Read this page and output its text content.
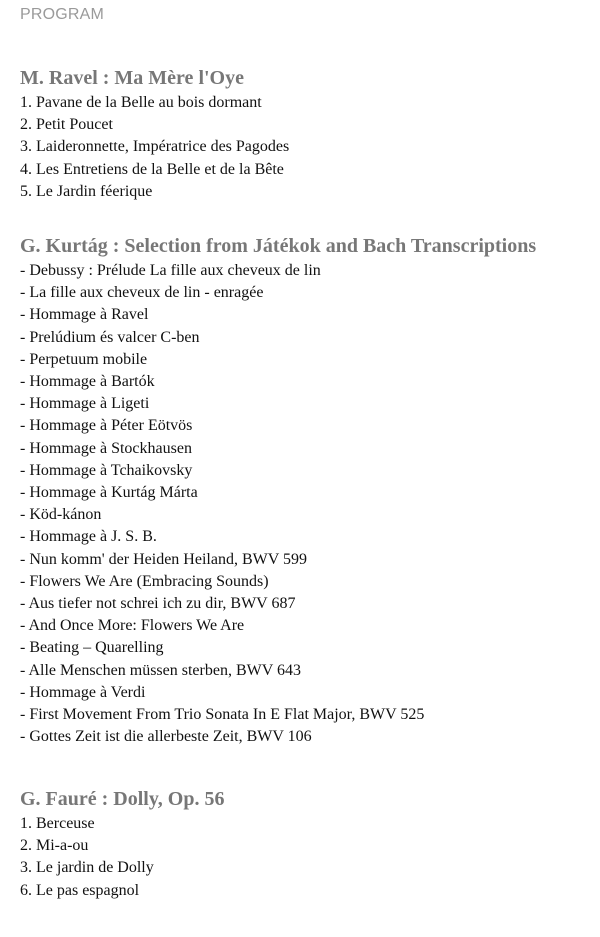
PROGRAM
M. Ravel : Ma Mère l'Oye
1. Pavane de la Belle au bois dormant
2. Petit Poucet
3. Laideronnette, Impératrice des Pagodes
4. Les Entretiens de la Belle et de la Bête
5. Le Jardin féerique
G. Kurtág : Selection from Játékok and Bach Transcriptions
- Debussy : Prélude La fille aux cheveux de lin
- La fille aux cheveux de lin - enragée
- Hommage à Ravel
- Prelúdium és valcer C-ben
- Perpetuum mobile
- Hommage à Bartók
- Hommage à Ligeti
- Hommage à Péter Eötvös
- Hommage à Stockhausen
- Hommage à Tchaikovsky
- Hommage à Kurtág Márta
- Köd-kánon
- Hommage à J. S. B.
- Nun komm' der Heiden Heiland, BWV 599
- Flowers We Are (Embracing Sounds)
- Aus tiefer not schrei ich zu dir, BWV 687
- And Once More: Flowers We Are
- Beating – Quarelling
- Alle Menschen müssen sterben, BWV 643
- Hommage à Verdi
- First Movement From Trio Sonata In E Flat Major, BWV 525
- Gottes Zeit ist die allerbeste Zeit, BWV 106
G. Fauré : Dolly, Op. 56
1. Berceuse
2. Mi-a-ou
3. Le jardin de Dolly
6. Le pas espagnol
